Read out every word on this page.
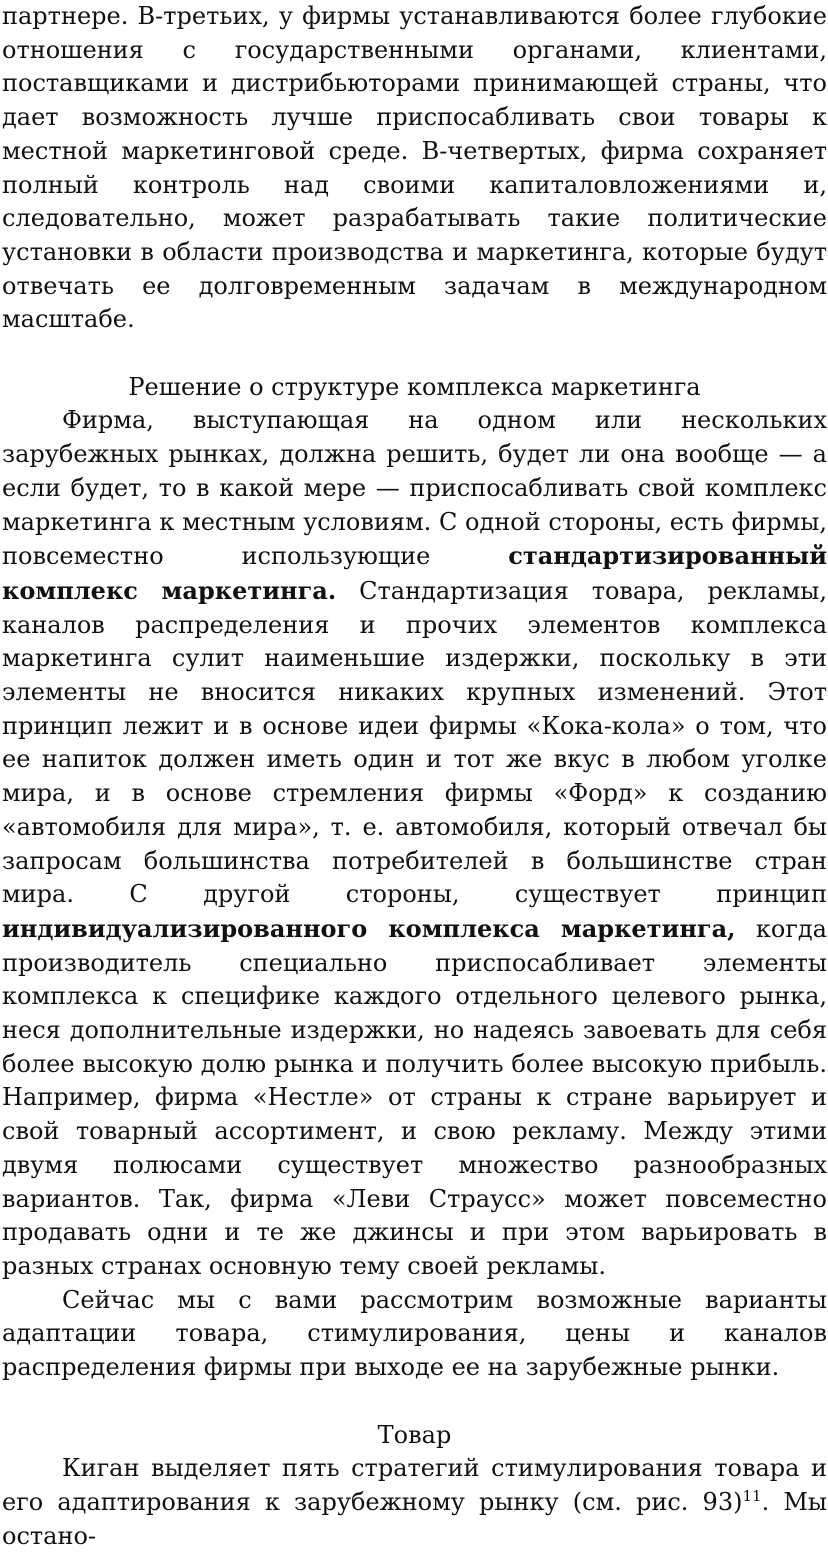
партнере. В-третьих, у фирмы устанавливаются более глубокие отношения с государственными органами, клиентами, поставщиками и дистрибьюторами принимающей страны, что дает возможность лучше приспосабливать свои товары к местной маркетинговой среде. В-четвертых, фирма сохраняет полный контроль над своими капиталовложениями и, следовательно, может разрабатывать такие политические установки в области производства и маркетинга, которые будут отвечать ее долговременным задачам в международном масштабе.

Решение о структуре комплекса маркетинга

Фирма, выступающая на одном или нескольких зарубежных рынках, должна решить, будет ли она вообще — а если будет, то в какой мере — приспосабливать свой комплекс маркетинга к местным условиям. С одной стороны, есть фирмы, повсеместно использующие стандартизированный комплекс маркетинга. Стандартизация товара, рекламы, каналов распределения и прочих элементов комплекса маркетинга сулит наименьшие издержки, поскольку в эти элементы не вносится никаких крупных изменений. Этот принцип лежит и в основе идеи фирмы «Кока-кола» о том, что ее напиток должен иметь один и тот же вкус в любом уголке мира, и в основе стремления фирмы «Форд» к созданию «автомобиля для мира», т. е. автомобиля, который отвечал бы запросам большинства потребителей в большинстве стран мира. С другой стороны, существует принцип индивидуализированного комплекса маркетинга, когда производитель специально приспосабливает элементы комплекса к специфике каждого отдельного целевого рынка, неся дополнительные издержки, но надеясь завоевать для себя более высокую долю рынка и получить более высокую прибыль. Например, фирма «Нестле» от страны к стране варьирует и свой товарный ассортимент, и свою рекламу. Между этими двумя полюсами существует множество разнообразных вариантов. Так, фирма «Леви Страусс» может повсеместно продавать одни и те же джинсы и при этом варьировать в разных странах основную тему своей рекламы.

Сейчас мы с вами рассмотрим возможные варианты адаптации товара, стимулирования, цены и каналов распределения фирмы при выходе ее на зарубежные рынки.

Товар

Киган выделяет пять стратегий стимулирования товара и его адаптирования к зарубежному рынку (см. рис. 93)$^{11}$. Мы остано-
